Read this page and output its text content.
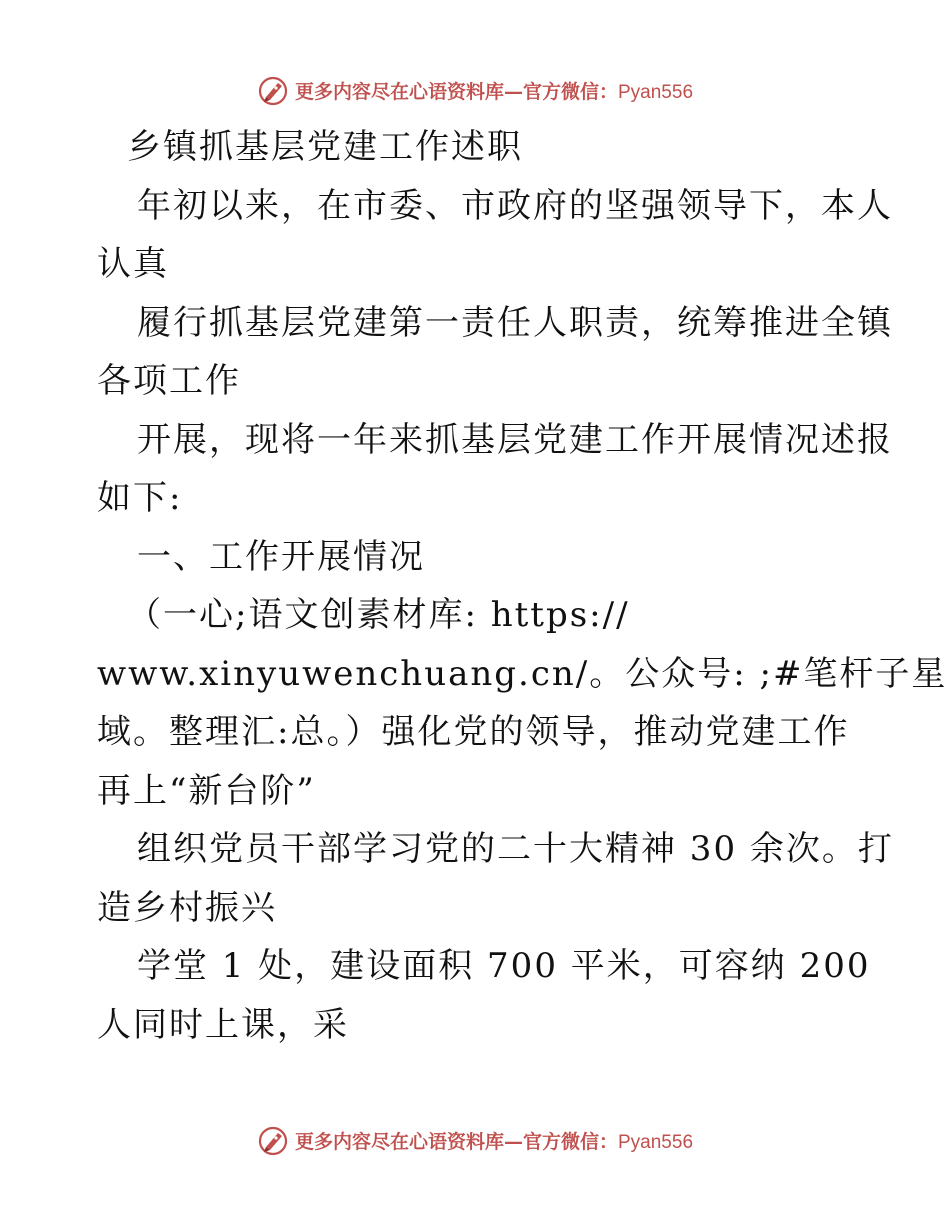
更多内容尽在心语资料库—官方微信：Pyan556
乡镇抓基层党建工作述职
年初以来，在市委、市政府的坚强领导下，本人
认真
履行抓基层党建第一责任人职责，统筹推进全镇
各项工作
开展，现将一年来抓基层党建工作开展情况述报
如下:
一、工作开展情况
（一心;语文创素材库: https://
www.xinyuwenchuang.cn/。公众号: ;#笔杆子星
域。整理汇:总。）强化党的领导，推动党建工作
再上“新台阶”
组织党员干部学习党的二十大精神 30 余次。打
造乡村振兴
学堂 1 处，建设面积 700 平米，可容纳 200
人同时上课，采
更多内容尽在心语资料库—官方微信：Pyan556
